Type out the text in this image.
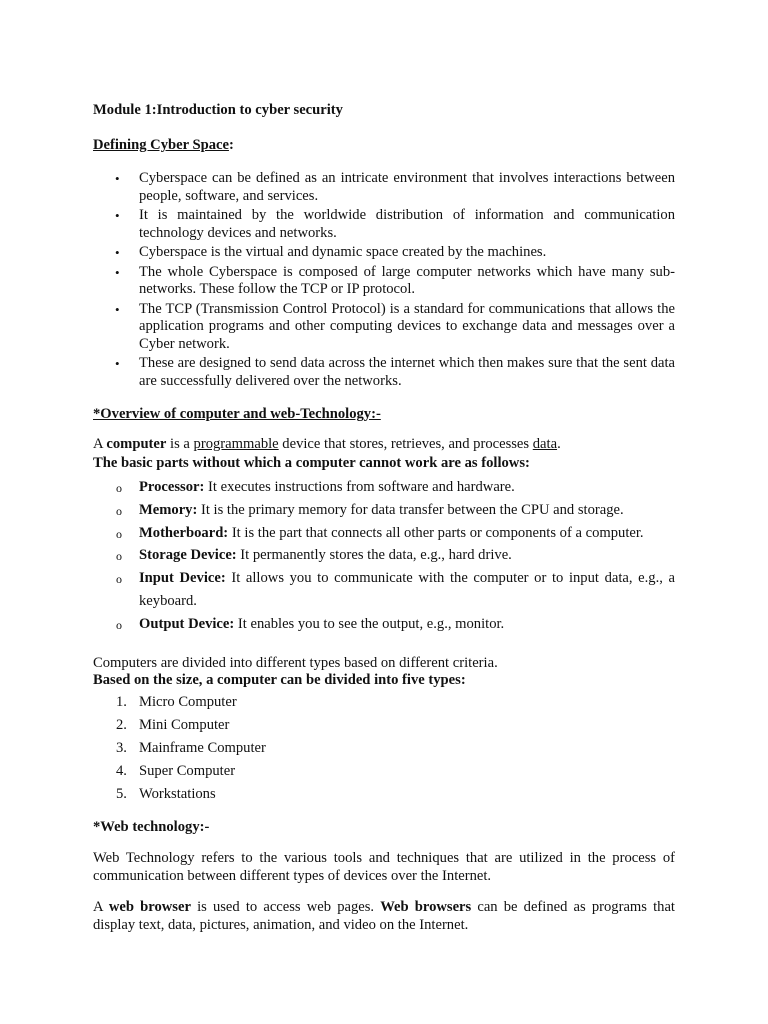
Module 1:Introduction to cyber security

Defining Cyber Space:

• Cyberspace can be defined as an intricate environment that involves interactions between people, software, and services.
• It is maintained by the worldwide distribution of information and communication technology devices and networks.
• Cyberspace is the virtual and dynamic space created by the machines.
• The whole Cyberspace is composed of large computer networks which have many sub-networks. These follow the TCP or IP protocol.
• The TCP (Transmission Control Protocol) is a standard for communications that allows the application programs and other computing devices to exchange data and messages over a Cyber network.
• These are designed to send data across the internet which then makes sure that the sent data are successfully delivered over the networks.

*Overview of computer and web-Technology:-

A computer is a programmable device that stores, retrieves, and processes data.

The basic parts without which a computer cannot work are as follows:

o Processor: It executes instructions from software and hardware.
o Memory: It is the primary memory for data transfer between the CPU and storage.
o Motherboard: It is the part that connects all other parts or components of a computer.
o Storage Device: It permanently stores the data, e.g., hard drive.
o Input Device: It allows you to communicate with the computer or to input data, e.g., a keyboard.
o Output Device: It enables you to see the output, e.g., monitor.

Computers are divided into different types based on different criteria.

Based on the size, a computer can be divided into five types:

1. Micro Computer
2. Mini Computer
3. Mainframe Computer
4. Super Computer
5. Workstations

*Web technology:-

Web Technology refers to the various tools and techniques that are utilized in the process of communication between different types of devices over the Internet.

A web browser is used to access web pages. Web browsers can be defined as programs that display text, data, pictures, animation, and video on the Internet.
